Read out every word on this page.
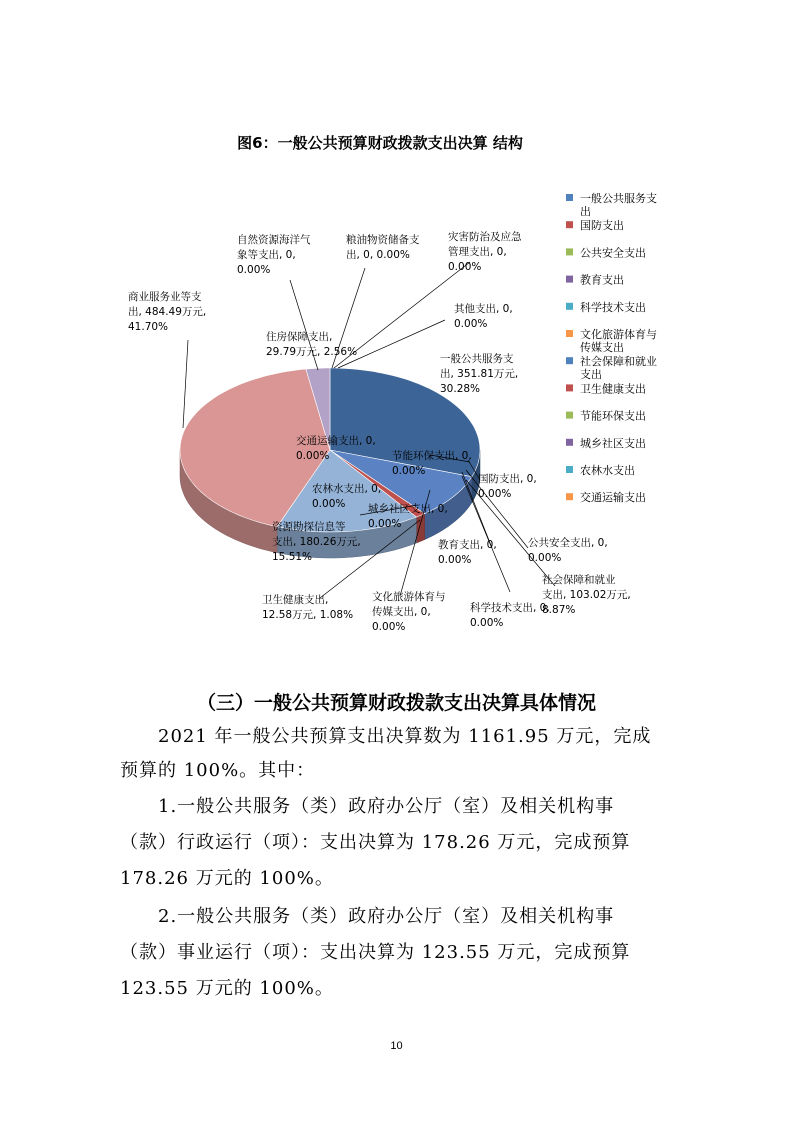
图6：一般公共预算财政拨款支出决算 结构
一般公共服务支出, 351.81万元, 30.28%
国防支出, 0, 0.00%
公共安全支出, 0, 0.00%
教育支出, 0, 0.00%
科学技术支出, 0, 0.00%
社会保障和就业支出, 103.02万元, 8.87%
卫生健康支出, 12.58万元, 1.08%
文化旅游体育与传媒支出, 0, 0.00%
城乡社区支出, 0, 0.00%
农林水支出, 0, 0.00%
资源勘探信息等支出, 180.26万元, 15.51%
节能环保支出, 0, 0.00%
交通运输支出, 0, 0.00%
商业服务业等支出, 484.49万元, 41.70%
住房保障支出, 29.79万元, 2.56%
自然资源海洋气象等支出, 0, 0.00%
粮油物资储备支出, 0, 0.00%
灾害防治及应急管理支出, 0, 0.00%
其他支出, 0, 0.00%
一般公共服务支出
国防支出
公共安全支出
教育支出
科学技术支出
文化旅游体育与传媒支出
社会保障和就业支出
卫生健康支出
节能环保支出
城乡社区支出
农林水支出
交通运输支出
（三）一般公共预算财政拨款支出决算具体情况
　　2021 年一般公共预算支出决算数为 1161.95 万元，完成
预算的 100%。其中：
　　1.一般公共服务（类）政府办公厅（室）及相关机构事
（款）行政运行（项）：支出决算为 178.26 万元，完成预算
178.26 万元的 100%。
　　2.一般公共服务（类）政府办公厅（室）及相关机构事
（款）事业运行（项）：支出决算为 123.55 万元，完成预算
123.55 万元的 100%。
10
